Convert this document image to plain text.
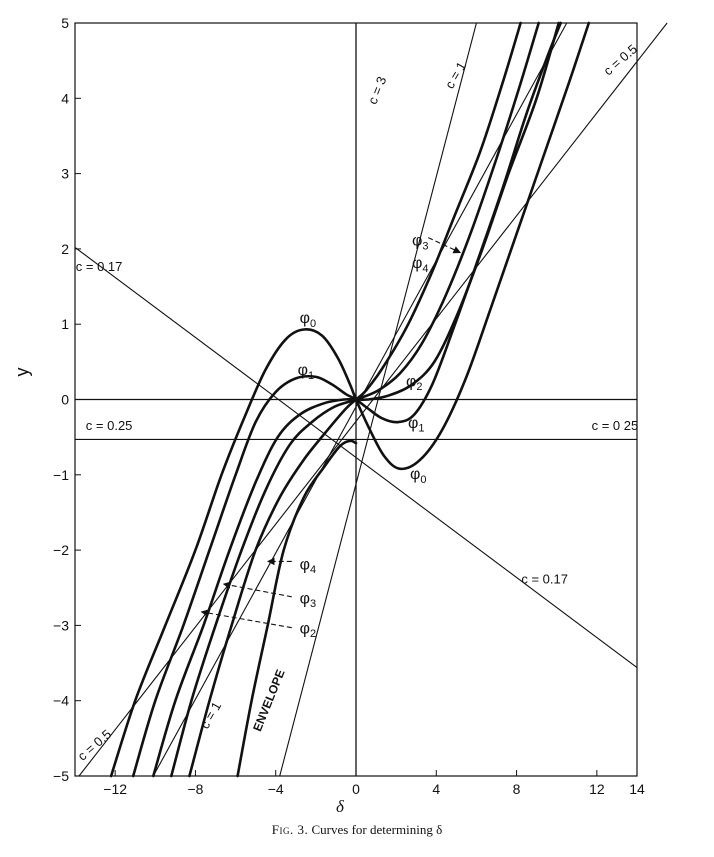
−12	−8	−4	0	4	8	12 14
−5
−4
−3
−2
−1
0
1
2
3
4
5
c = 3	c = 1	c = 0.5
c = 1
c = 0.5
c = 0.17
c = 0.17
c = 0.25	c = 0 25
$\varphi_0$
$\varphi_1$	$\varphi_2$
$\varphi_1$
$\varphi_0$
$\varphi_3$
$\varphi_4$
$\varphi_4$
$\varphi_3$
$\varphi_2$
ENVELOPE
δ
y
Fig. 3. Curves for determining δ
